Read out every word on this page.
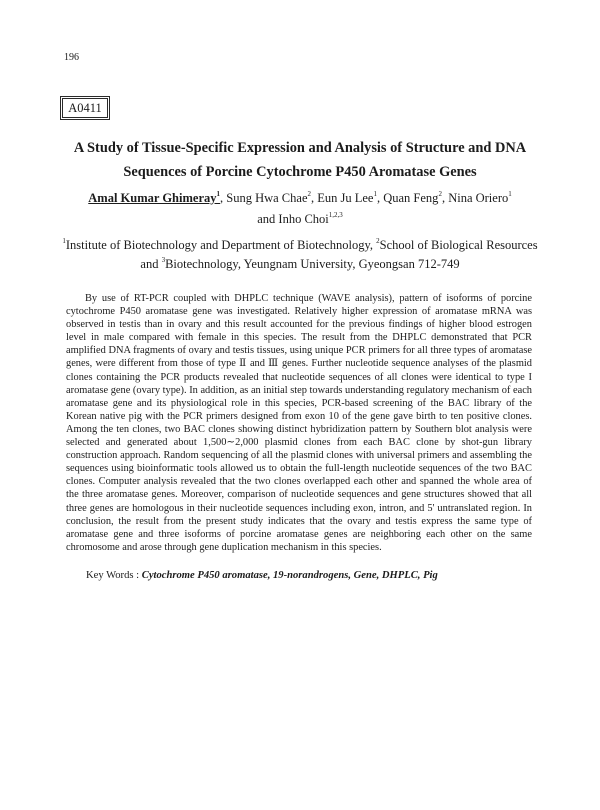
196
A0411
A Study of Tissue-Specific Expression and Analysis of Structure and DNA
Sequences of Porcine Cytochrome P450 Aromatase Genes
Amal Kumar Ghimeray$^1$, Sung Hwa Chae$^2$, Eun Ju Lee$^1$, Quan Feng$^2$, Nina Oriero$^1$
and Inho Choi$^{1,2,3}$
$^1$Institute of Biotechnology and Department of Biotechnology, $^2$School of Biological Resources
and $^3$Biotechnology, Yeungnam University, Gyeongsan 712-749

By use of RT-PCR coupled with DHPLC technique (WAVE analysis), pattern of isoforms of porcine cytochrome P450 aromatase gene was investigated. Relatively higher expression of aromatase mRNA was observed in testis than in ovary and this result accounted for the previous findings of higher blood estrogen level in male compared with female in this species. The result from the DHPLC demonstrated that PCR amplified DNA fragments of ovary and testis tissues, using unique PCR primers for all three types of aromatase genes, were different from those of type Ⅱ and Ⅲ genes. Further nucleotide sequence analyses of the plasmid clones containing the PCR products revealed that nucleotide sequences of all clones were identical to type I aromatase gene (ovary type). In addition, as an initial step towards understanding regulatory mechanism of each aromatase gene and its physiological role in this species, PCR-based screening of the BAC library of the Korean native pig with the PCR primers designed from exon 10 of the gene gave birth to ten positive clones. Among the ten clones, two BAC clones showing distinct hybridization pattern by Southern blot analysis were selected and generated about 1,500∼2,000 plasmid clones from each BAC clone by shot-gun library construction approach. Random sequencing of all the plasmid clones with universal primers and assembling the sequences using bioinformatic tools allowed us to obtain the full-length nucleotide sequences of the two BAC clones. Computer analysis revealed that the two clones overlapped each other and spanned the whole area of the three aromatase genes. Moreover, comparison of nucleotide sequences and gene structures showed that all three genes are homologous in their nucleotide sequences including exon, intron, and 5' untranslated region. In conclusion, the result from the present study indicates that the ovary and testis express the same type of aromatase gene and three isoforms of porcine aromatase genes are neighboring each other on the same chromosome and arose through gene duplication mechanism in this species.

Key Words : Cytochrome P450 aromatase, 19-norandrogens, Gene, DHPLC, Pig
